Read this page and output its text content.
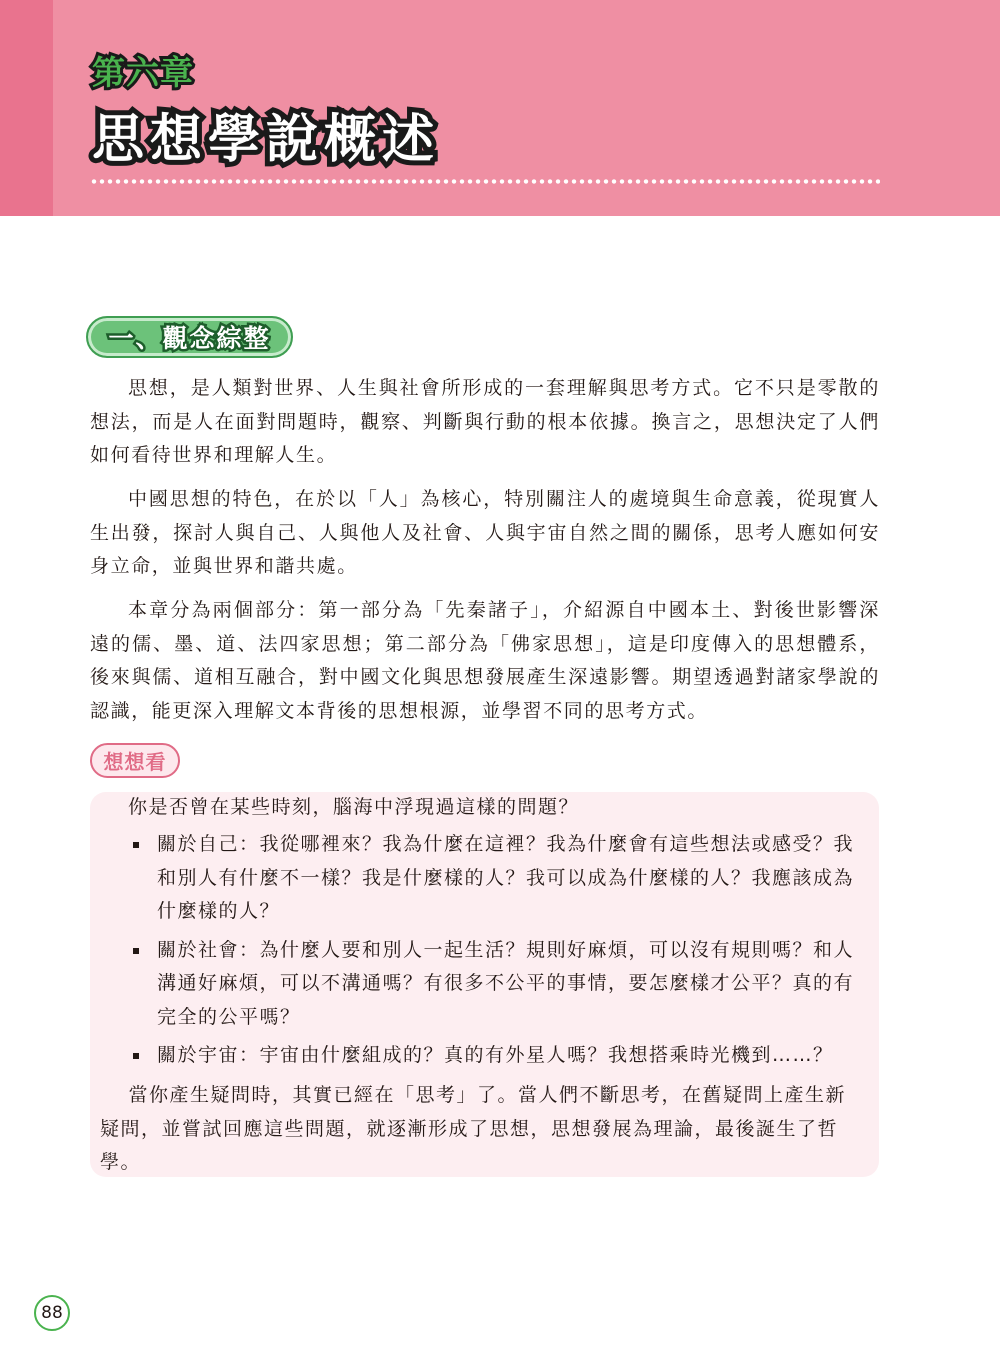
第六章
思想學說概述
一、觀念綜整

思想，是人類對世界、人生與社會所形成的一套理解與思考方式。它不只是零散的想法，而是人在面對問題時，觀察、判斷與行動的根本依據。換言之，思想決定了人們如何看待世界和理解人生。

中國思想的特色，在於以「人」為核心，特別關注人的處境與生命意義，從現實人生出發，探討人與自己、人與他人及社會、人與宇宙自然之間的關係，思考人應如何安身立命，並與世界和諧共處。

本章分為兩個部分：第一部分為「先秦諸子」，介紹源自中國本土、對後世影響深遠的儒、墨、道、法四家思想；第二部分為「佛家思想」，這是印度傳入的思想體系，後來與儒、道相互融合，對中國文化與思想發展產生深遠影響。期望透過對諸家學說的認識，能更深入理解文本背後的思想根源，並學習不同的思考方式。

想想看

你是否曾在某些時刻，腦海中浮現過這樣的問題？

關於自己：我從哪裡來？我為什麼在這裡？我為什麼會有這些想法或感受？我和別人有什麼不一樣？我是什麼樣的人？我可以成為什麼樣的人？我應該成為什麼樣的人？
關於社會：為什麼人要和別人一起生活？規則好麻煩，可以沒有規則嗎？和人溝通好麻煩，可以不溝通嗎？有很多不公平的事情，要怎麼樣才公平？真的有完全的公平嗎？
關於宇宙：宇宙由什麼組成的？真的有外星人嗎？我想搭乘時光機到……？

當你產生疑問時，其實已經在「思考」了。當人們不斷思考，在舊疑問上產生新疑問，並嘗試回應這些問題，就逐漸形成了思想，思想發展為理論，最後誕生了哲學。

88
